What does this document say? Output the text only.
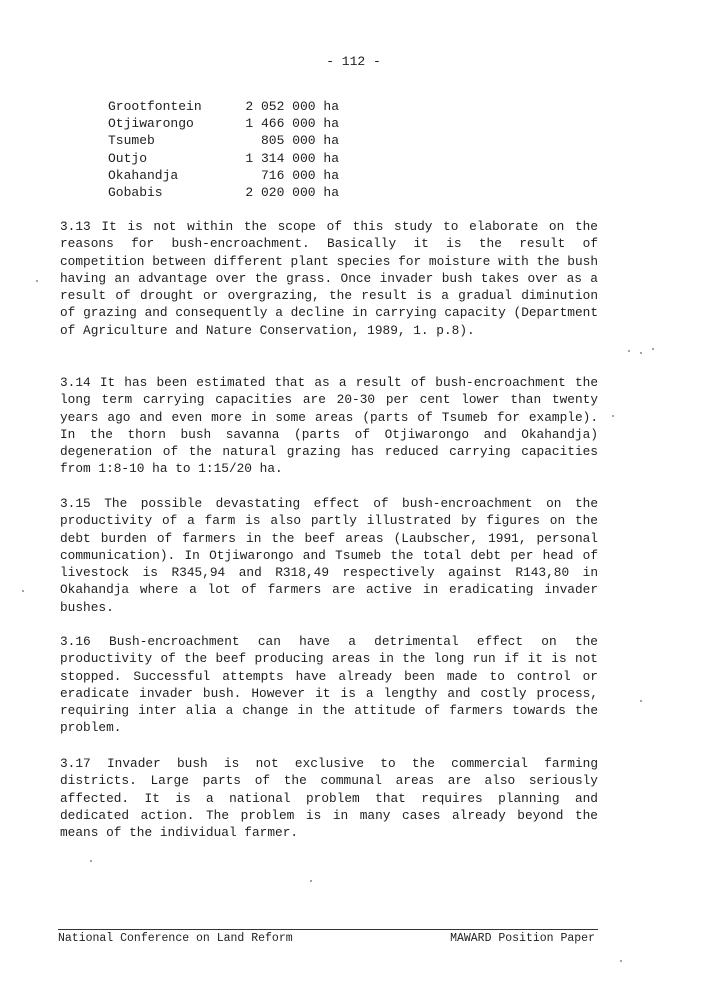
- 112 -
Grootfontein	2 052 000 ha
Otjiwarongo	1 466 000 ha
Tsumeb	805 000 ha
Outjo	1 314 000 ha
Okahandja	716 000 ha
Gobabis	2 020 000 ha

3.13 It is not within the scope of this study to elaborate on the reasons for bush-encroachment. Basically it is the result of competition between different plant species for moisture with the bush having an advantage over the grass. Once invader bush takes over as a result of drought or overgrazing, the result is a gradual diminution of grazing and consequently a decline in carrying capacity (Department of Agriculture and Nature Conservation, 1989, 1. p.8).

3.14 It has been estimated that as a result of bush-encroachment the long term carrying capacities are 20-30 per cent lower than twenty years ago and even more in some areas (parts of Tsumeb for example). In the thorn bush savanna (parts of Otjiwarongo and Okahandja) degeneration of the natural grazing has reduced carrying capacities from 1:8-10 ha to 1:15/20 ha.

3.15 The possible devastating effect of bush-encroachment on the productivity of a farm is also partly illustrated by figures on the debt burden of farmers in the beef areas (Laubscher, 1991, personal communication). In Otjiwarongo and Tsumeb the total debt per head of livestock is R345,94 and R318,49 respectively against R143,80 in Okahandja where a lot of farmers are active in eradicating invader bushes.

3.16 Bush-encroachment can have a detrimental effect on the productivity of the beef producing areas in the long run if it is not stopped. Successful attempts have already been made to control or eradicate invader bush. However it is a lengthy and costly process, requiring inter alia a change in the attitude of farmers towards the problem.

3.17 Invader bush is not exclusive to the commercial farming districts. Large parts of the communal areas are also seriously affected. It is a national problem that requires planning and dedicated action. The problem is in many cases already beyond the means of the individual farmer.

National Conference on Land Reform	MAWARD Position Paper
